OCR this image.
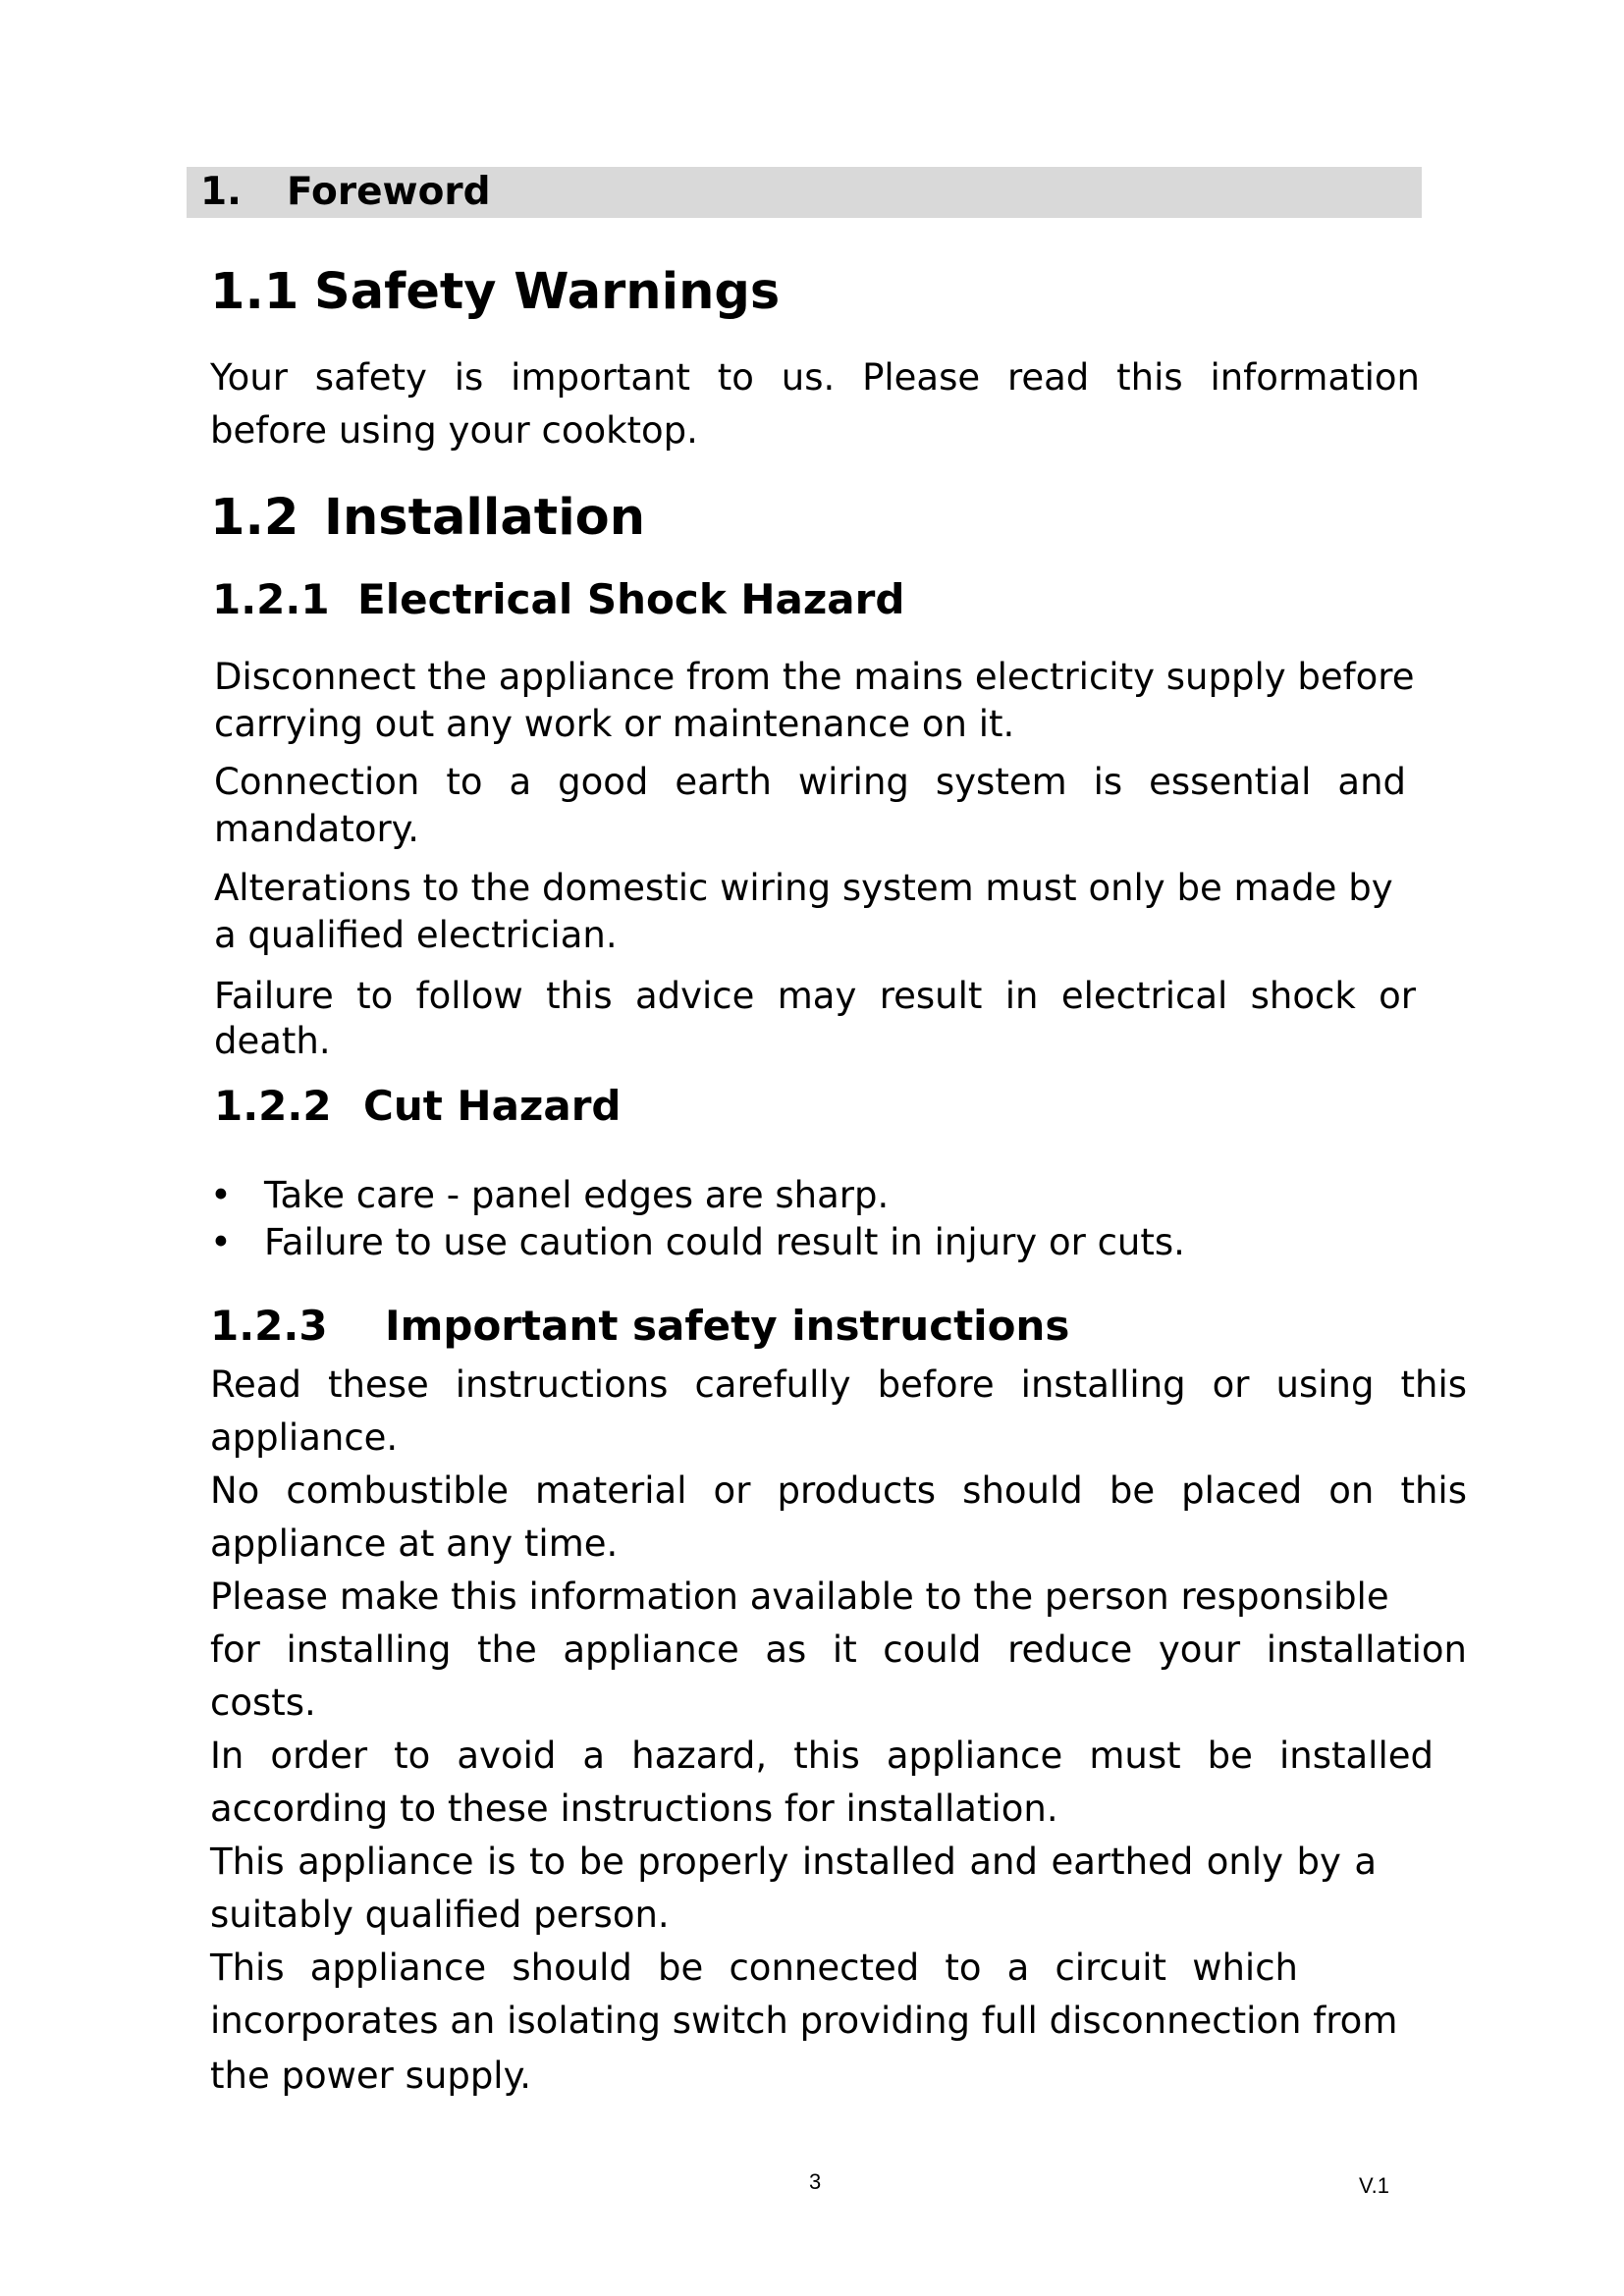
1. Foreword
1.1 Safety Warnings
Your safety is important to us. Please read this information
before using your cooktop.
1.2 Installation
1.2.1 Electrical Shock Hazard
Disconnect the appliance from the mains electricity supply before
carrying out any work or maintenance on it.
Connection to a good earth wiring system is essential and
mandatory.
Alterations to the domestic wiring system must only be made by
a qualified electrician.
Failure to follow this advice may result in electrical shock or
death.
1.2.2 Cut Hazard
• Take care - panel edges are sharp.
• Failure to use caution could result in injury or cuts.
1.2.3 Important safety instructions
Read these instructions carefully before installing or using this
appliance.
No combustible material or products should be placed on this
appliance at any time.
Please make this information available to the person responsible
for installing the appliance as it could reduce your installation
costs.
In order to avoid a hazard, this appliance must be installed
according to these instructions for installation.
This appliance is to be properly installed and earthed only by a
suitably qualified person.
This appliance should be connected to a circuit which
incorporates an isolating switch providing full disconnection from
the power supply.
3	V.1
